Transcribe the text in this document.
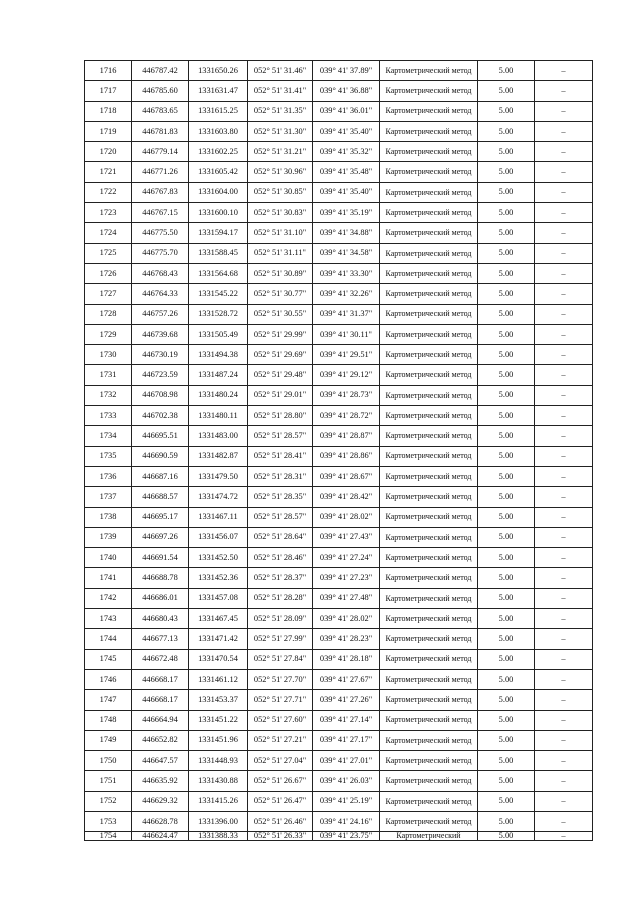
1716	446787.42	1331650.26	052° 51' 31.46"	039° 41' 37.89"	Картометрический метод	5.00	–
1717	446785.60	1331631.47	052° 51' 31.41"	039° 41' 36.88"	Картометрический метод	5.00	–
1718	446783.65	1331615.25	052° 51' 31.35"	039° 41' 36.01"	Картометрический метод	5.00	–
1719	446781.83	1331603.80	052° 51' 31.30"	039° 41' 35.40"	Картометрический метод	5.00	–
1720	446779.14	1331602.25	052° 51' 31.21"	039° 41' 35.32"	Картометрический метод	5.00	–
1721	446771.26	1331605.42	052° 51' 30.96"	039° 41' 35.48"	Картометрический метод	5.00	–
1722	446767.83	1331604.00	052° 51' 30.85"	039° 41' 35.40"	Картометрический метод	5.00	–
1723	446767.15	1331600.10	052° 51' 30.83"	039° 41' 35.19"	Картометрический метод	5.00	–
1724	446775.50	1331594.17	052° 51' 31.10"	039° 41' 34.88"	Картометрический метод	5.00	–
1725	446775.70	1331588.45	052° 51' 31.11"	039° 41' 34.58"	Картометрический метод	5.00	–
1726	446768.43	1331564.68	052° 51' 30.89"	039° 41' 33.30"	Картометрический метод	5.00	–
1727	446764.33	1331545.22	052° 51' 30.77"	039° 41' 32.26"	Картометрический метод	5.00	–
1728	446757.26	1331528.72	052° 51' 30.55"	039° 41' 31.37"	Картометрический метод	5.00	–
1729	446739.68	1331505.49	052° 51' 29.99"	039° 41' 30.11"	Картометрический метод	5.00	–
1730	446730.19	1331494.38	052° 51' 29.69"	039° 41' 29.51"	Картометрический метод	5.00	–
1731	446723.59	1331487.24	052° 51' 29.48"	039° 41' 29.12"	Картометрический метод	5.00	–
1732	446708.98	1331480.24	052° 51' 29.01"	039° 41' 28.73"	Картометрический метод	5.00	–
1733	446702.38	1331480.11	052° 51' 28.80"	039° 41' 28.72"	Картометрический метод	5.00	–
1734	446695.51	1331483.00	052° 51' 28.57"	039° 41' 28.87"	Картометрический метод	5.00	–
1735	446690.59	1331482.87	052° 51' 28.41"	039° 41' 28.86"	Картометрический метод	5.00	–
1736	446687.16	1331479.50	052° 51' 28.31"	039° 41' 28.67"	Картометрический метод	5.00	–
1737	446688.57	1331474.72	052° 51' 28.35"	039° 41' 28.42"	Картометрический метод	5.00	–
1738	446695.17	1331467.11	052° 51' 28.57"	039° 41' 28.02"	Картометрический метод	5.00	–
1739	446697.26	1331456.07	052° 51' 28.64"	039° 41' 27.43"	Картометрический метод	5.00	–
1740	446691.54	1331452.50	052° 51' 28.46"	039° 41' 27.24"	Картометрический метод	5.00	–
1741	446688.78	1331452.36	052° 51' 28.37"	039° 41' 27.23"	Картометрический метод	5.00	–
1742	446686.01	1331457.08	052° 51' 28.28"	039° 41' 27.48"	Картометрический метод	5.00	–
1743	446680.43	1331467.45	052° 51' 28.09"	039° 41' 28.02"	Картометрический метод	5.00	–
1744	446677.13	1331471.42	052° 51' 27.99"	039° 41' 28.23"	Картометрический метод	5.00	–
1745	446672.48	1331470.54	052° 51' 27.84"	039° 41' 28.18"	Картометрический метод	5.00	–
1746	446668.17	1331461.12	052° 51' 27.70"	039° 41' 27.67"	Картометрический метод	5.00	–
1747	446668.17	1331453.37	052° 51' 27.71"	039° 41' 27.26"	Картометрический метод	5.00	–
1748	446664.94	1331451.22	052° 51' 27.60"	039° 41' 27.14"	Картометрический метод	5.00	–
1749	446652.82	1331451.96	052° 51' 27.21"	039° 41' 27.17"	Картометрический метод	5.00	–
1750	446647.57	1331448.93	052° 51' 27.04"	039° 41' 27.01"	Картометрический метод	5.00	–
1751	446635.92	1331430.88	052° 51' 26.67"	039° 41' 26.03"	Картометрический метод	5.00	–
1752	446629.32	1331415.26	052° 51' 26.47"	039° 41' 25.19"	Картометрический метод	5.00	–
1753	446628.78	1331396.00	052° 51' 26.46"	039° 41' 24.16"	Картометрический метод	5.00	–
1754	446624.47	1331388.33	052° 51' 26.33"	039° 41' 23.75"	Картометрический	5.00	–
